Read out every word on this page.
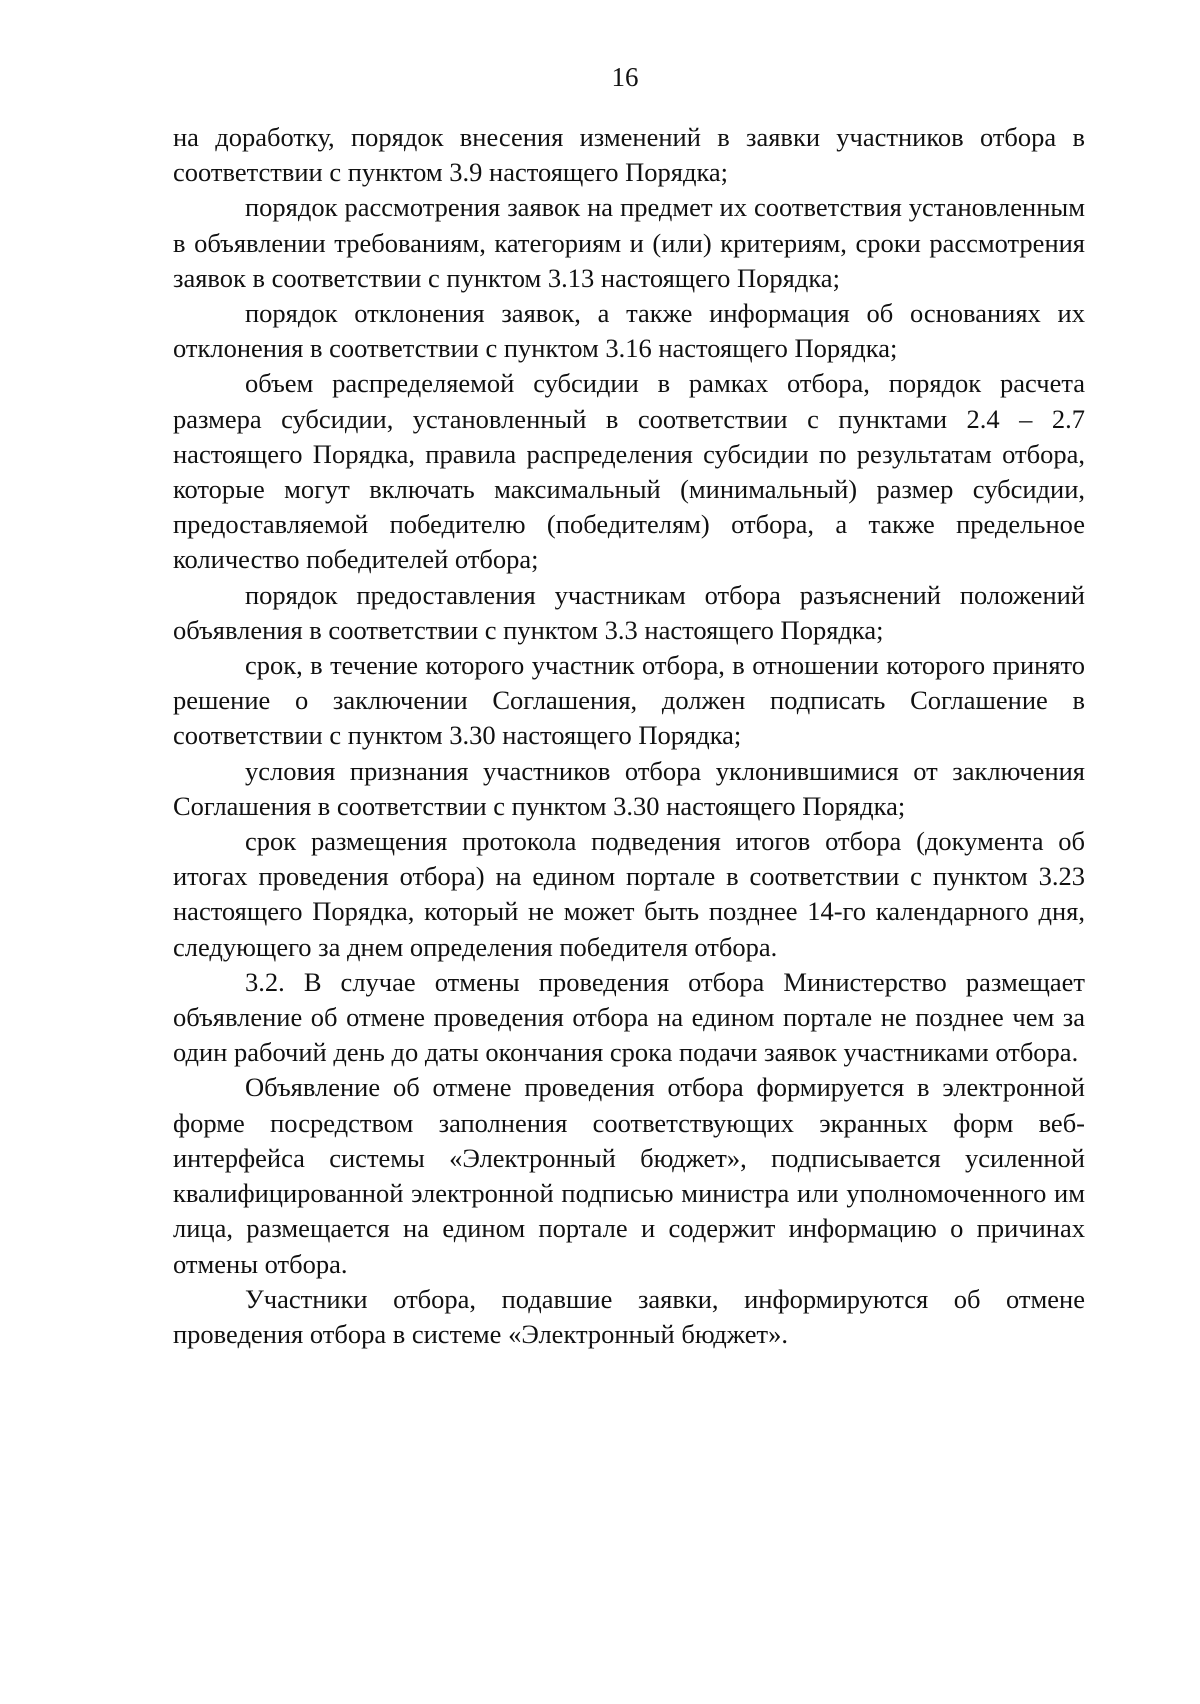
16

на доработку, порядок внесения изменений в заявки участников отбора в соответствии с пунктом 3.9 настоящего Порядка;

порядок рассмотрения заявок на предмет их соответствия установленным в объявлении требованиям, категориям и (или) критериям, сроки рассмотрения заявок в соответствии с пунктом 3.13 настоящего Порядка;

порядок отклонения заявок, а также информация об основаниях их отклонения в соответствии с пунктом 3.16 настоящего Порядка;

объем распределяемой субсидии в рамках отбора, порядок расчета размера субсидии, установленный в соответствии с пунктами 2.4 – 2.7 настоящего Порядка, правила распределения субсидии по результатам отбора, которые могут включать максимальный (минимальный) размер субсидии, предоставляемой победителю (победителям) отбора, а также предельное количество победителей отбора;

порядок предоставления участникам отбора разъяснений положений объявления в соответствии с пунктом 3.3 настоящего Порядка;

срок, в течение которого участник отбора, в отношении которого принято решение о заключении Соглашения, должен подписать Соглашение в соответствии с пунктом 3.30 настоящего Порядка;

условия признания участников отбора уклонившимися от заключения Соглашения в соответствии с пунктом 3.30 настоящего Порядка;

срок размещения протокола подведения итогов отбора (документа об итогах проведения отбора) на едином портале в соответствии с пунктом 3.23 настоящего Порядка, который не может быть позднее 14-го календарного дня, следующего за днем определения победителя отбора.

3.2. В случае отмены проведения отбора Министерство размещает объявление об отмене проведения отбора на едином портале не позднее чем за один рабочий день до даты окончания срока подачи заявок участниками отбора.

Объявление об отмене проведения отбора формируется в электронной форме посредством заполнения соответствующих экранных форм веб-интерфейса системы «Электронный бюджет», подписывается усиленной квалифицированной электронной подписью министра или уполномоченного им лица, размещается на едином портале и содержит информацию о причинах отмены отбора.

Участники отбора, подавшие заявки, информируются об отмене проведения отбора в системе «Электронный бюджет».
